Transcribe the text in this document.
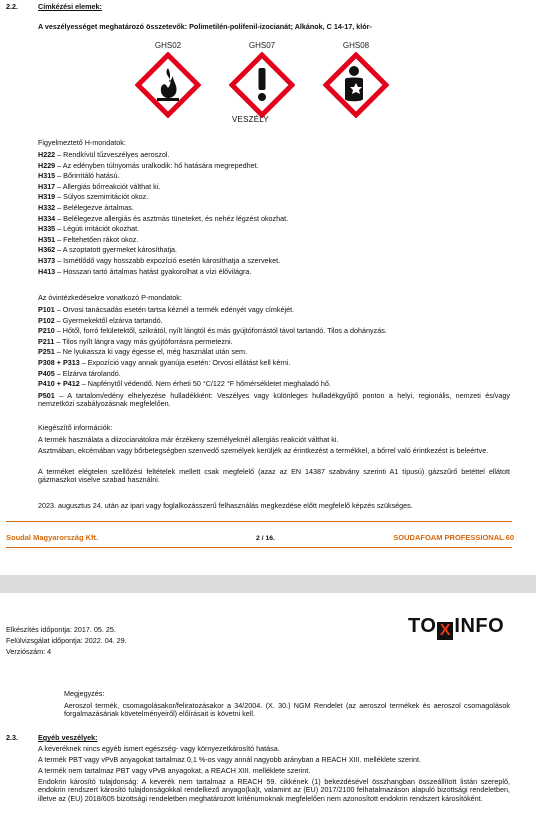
2.2.	Címkézési elemek:
A veszélyességet meghatározó összetevők: Polimetilén-polifenil-izocianát; Alkánok, C 14-17, klór-
GHS02	GHS07	GHS08
VESZÉLY
Figyelmeztető H-mondatok:
H222 – Rendkívül tűzveszélyes aeroszol.
H229 – Az edényben túlnyomás uralkodik: hő hatására megrepedhet.
H315 – Bőrirritáló hatású.
H317 – Allergiás bőrreakciót válthat ki.
H319 – Súlyos szemirritációt okoz.
H332 – Belélegezve ártalmas.
H334 – Belélegezve allergiás és asztmás tüneteket, és nehéz légzést okozhat.
H335 – Légúti irritációt okozhat.
H351 – Feltehetően rákot okoz.
H362 – A szoptatott gyermeket károsíthatja.
H373 – Ismétlődő vagy hosszabb expozíció esetén károsíthatja a szerveket.
H413 – Hosszan tartó ártalmas hatást gyakorolhat a vízi élővilágra.
Az óvintézkedésekre vonatkozó P-mondatok:
P101 – Orvosi tanácsadás esetén tartsa kéznél a termék edényét vagy címkéjét.
P102 – Gyermekektől elzárva tartandó.
P210 – Hőtől, forró felületektől, szikrától, nyílt lángtól és más gyújtóforrástól távol tartandó. Tilos a dohányzás.
P211 – Tilos nyílt lángra vagy más gyújtóforrásra permetezni.
P251 – Ne lyukassza ki vagy égesse el, még használat után sem.
P308 + P313 – Expozíció vagy annak gyanúja esetén: Orvosi ellátást kell kérni.
P405 – Elzárva tárolandó.
P410 + P412 – Napfénytől védendő. Nem érheti 50 °C/122 °F hőmérsékletet meghaladó hő.
P501 – A tartalom/edény elhelyezése hulladékként: Veszélyes vagy különleges hulladékgyűjtő ponton a helyi, regionális, nemzeti és/vagy nemzetközi szabályozásnak megfelelően.
Kiegészítő információk:
A termék használata a diizocianátokra már érzékeny személyeknél allergiás reakciót válthat ki.
Asztmában, ekcémában vagy bőrbetegségben szenvedő személyek kerüljék az érintkezést a termékkel, a bőrrel való érintkezést is beleértve.
A terméket elégtelen szellőzési feltételek mellett csak megfelelő (azaz az EN 14387 szabvány szerinti A1 típusú) gázszűrő betéttel ellátott gázmaszkot viselve szabad használni.
2023. augusztus 24. után az ipari vagy foglalkozásszerű felhasználás megkezdése előtt megfelelő képzés szükséges.
Soudal Magyarország Kft.	2 / 16.	SOUDAFOAM PROFESSIONAL 60
Elkészítés időpontja: 2017. 05. 25.
Felülvizsgálat időpontja: 2022. 04. 29.
Verziószám: 4
TO X INFO
Megjegyzés:
Aeroszol termék, csomagolásakor/feliratozásakor a 34/2004. (X. 30.) NGM Rendelet (az aeroszol termékek és aeroszol csomagolások forgalmazásának követelményeiről) előírásait is követni kell.
2.3.	Egyéb veszélyek:
A keveréknek nincs egyéb ismert egészség- vagy környezetkárosító hatása.
A termék PBT vagy vPvB anyagokat tartalmaz 0,1 %-os vagy annál nagyobb arányban a REACH XIII. melléklete szerint.
A termék nem tartalmaz PBT vagy vPvB anyagokat, a REACH XIII. melléklete szerint.
Endokrin károsító tulajdonság: A keverék nem tartalmaz a REACH 59. cikkének (1) bekezdésével összhangban összeállított listán szereplő, endokrin rendszert károsító tulajdonságokkal rendelkező anyago(ka)t, valamint az (EU) 2017/2100 felhatalmazáson alapuló bizottsági rendeletben, illetve az (EU) 2018/605 bizottsági rendeletben meghatározott kritériumoknak megfelelően nem azonosított endokrin rendszert károsítóként.
